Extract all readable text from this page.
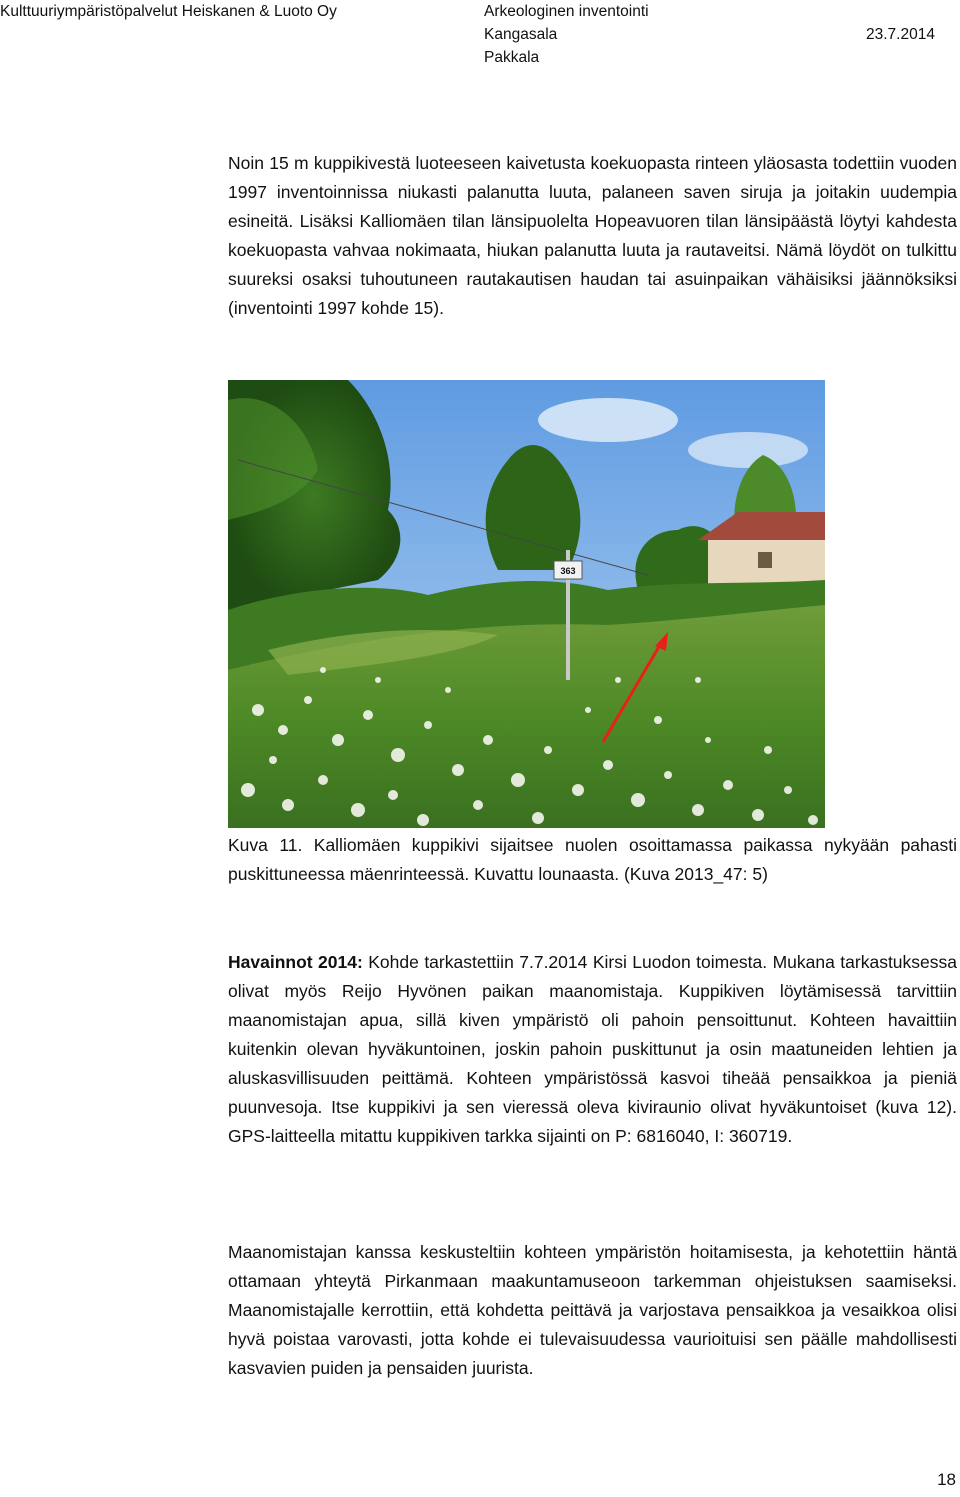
Kulttuuriympäristöpalvelut Heiskanen & Luoto Oy	Arkeologinen inventointi
Kangasala	23.7.2014
Pakkala

Noin 15 m kuppikivestä luoteeseen kaivetusta koekuopasta rinteen yläosasta todettiin vuoden 1997 inventoinnissa niukasti palanutta luuta, palaneen saven siruja ja joitakin uudempia esineitä. Lisäksi Kalliomäen tilan länsipuolelta Hopeavuoren tilan länsipäästä löytyi kahdesta koekuopasta vahvaa nokimaata, hiukan palanutta luuta ja rautaveitsi. Nämä löydöt on tulkittu suureksi osaksi tuhoutuneen rautakautisen haudan tai asuinpaikan vähäisiksi jäännöksiksi (inventointi 1997 kohde 15).

363

Kuva 11. Kalliomäen kuppikivi sijaitsee nuolen osoittamassa paikassa nykyään pahasti puskittuneessa mäenrinteessä. Kuvattu lounaasta. (Kuva 2013_47: 5)

Havainnot 2014: Kohde tarkastettiin 7.7.2014 Kirsi Luodon toimesta. Mukana tarkastuksessa olivat myös Reijo Hyvönen paikan maanomistaja. Kuppikiven löytämisessä tarvittiin maanomistajan apua, sillä kiven ympäristö oli pahoin pensoittunut. Kohteen havaittiin kuitenkin olevan hyväkuntoinen, joskin pahoin puskittunut ja osin maatuneiden lehtien ja aluskasvillisuuden peittämä. Kohteen ympäristössä kasvoi tiheää pensaikkoa ja pieniä puunvesoja. Itse kuppikivi ja sen vieressä oleva kiviraunio olivat hyväkuntoiset (kuva 12). GPS-laitteella mitattu kuppikiven tarkka sijainti on P: 6816040, I: 360719.

Maanomistajan kanssa keskusteltiin kohteen ympäristön hoitamisesta, ja kehotettiin häntä ottamaan yhteytä Pirkanmaan maakuntamuseoon tarkemman ohjeistuksen saamiseksi. Maanomistajalle kerrottiin, että kohdetta peittävä ja varjostava pensaikkoa ja vesaikkoa olisi hyvä poistaa varovasti, jotta kohde ei tulevaisuudessa vaurioituisi sen päälle mahdollisesti kasvavien puiden ja pensaiden juurista.

18
